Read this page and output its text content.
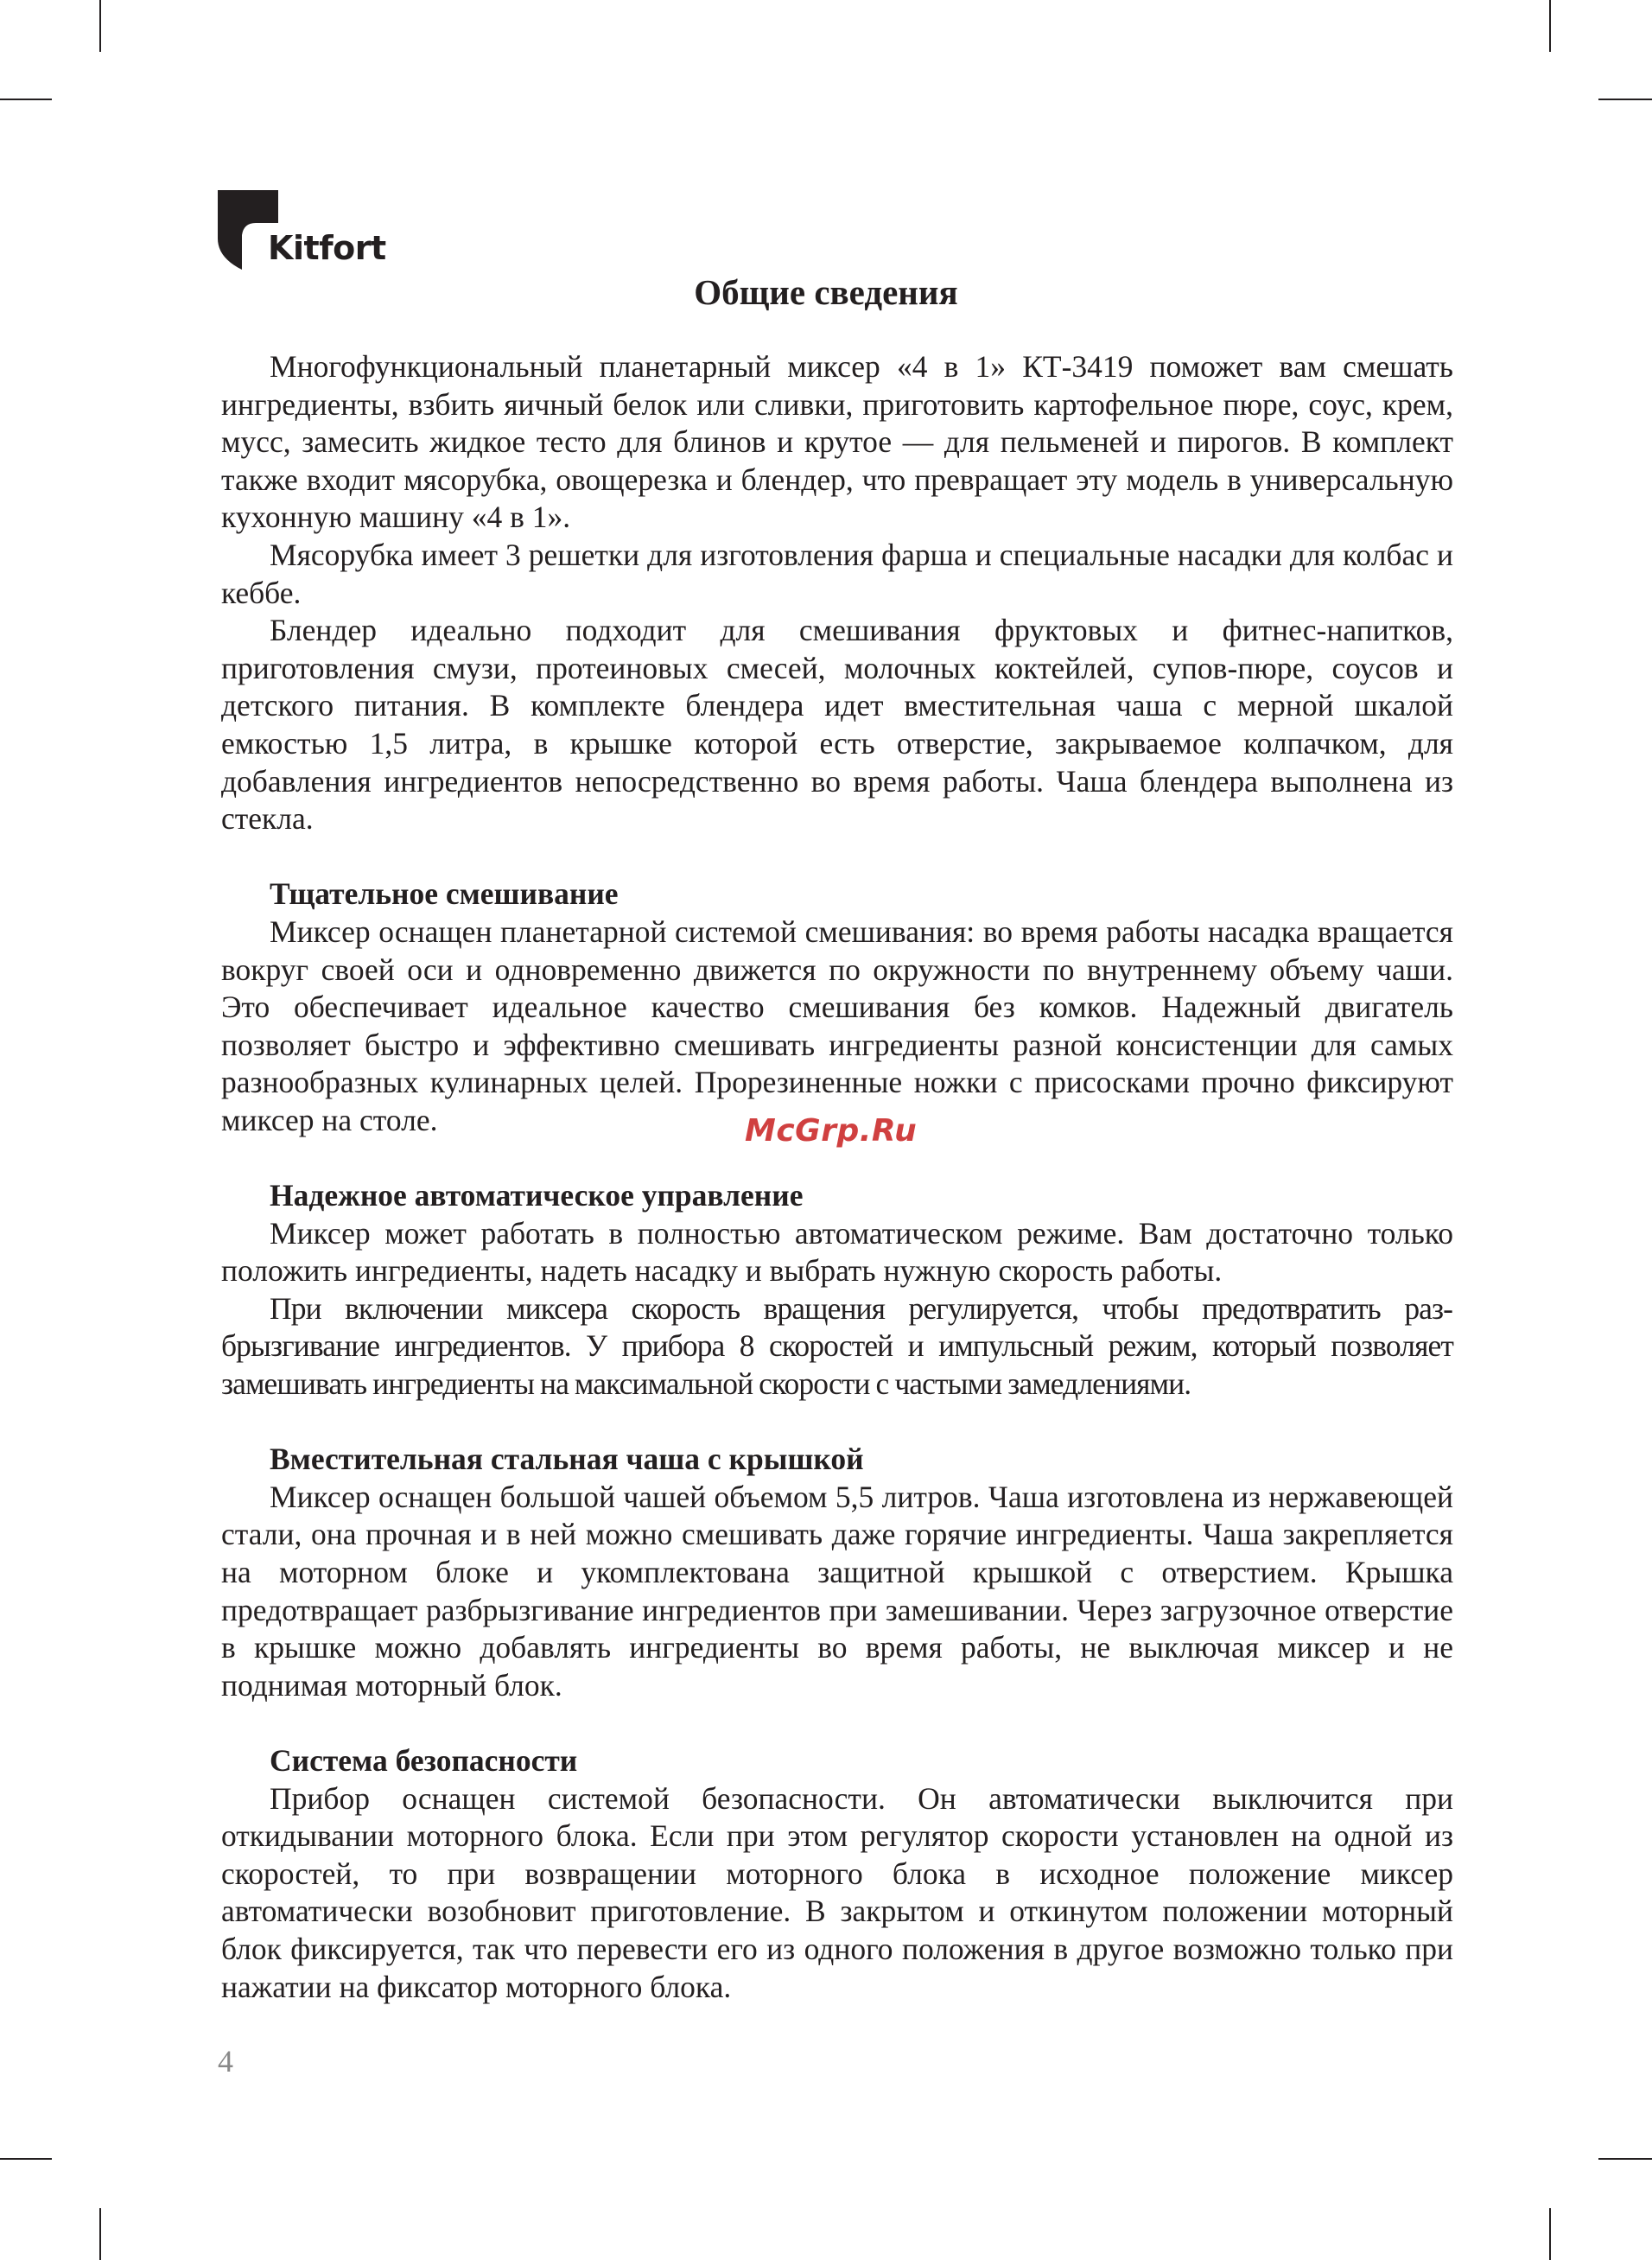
Kitfort
Общие сведения

Многофункциональный планетарный миксер «4 в 1» КТ-3419 поможет вам смешать ингредиенты, взбить яичный белок или сливки, приготовить картофельное пюре, соус, крем, мусс, замесить жидкое тесто для блинов и крутое — для пельменей и пирогов. В комплект также входит мясорубка, овощерезка и блендер, что превращает эту модель в универсальную кухонную машину «4 в 1».

Мясорубка имеет 3 решетки для изготовления фарша и специальные насадки для колбас и кеббе.

Блендер идеально подходит для смешивания фруктовых и фитнес-напитков, приготовления смузи, протеиновых смесей, молочных коктейлей, супов-пюре, соусов и детского питания. В комплекте блендера идет вместительная чаша с мерной шкалой емкостью 1,5 литра, в крышке которой есть отверстие, закрываемое колпачком, для добавления ингредиентов непосредственно во время работы. Чаша блендера выполнена из стекла.

Тщательное смешивание

Миксер оснащен планетарной системой смешивания: во время работы насадка вращается вокруг своей оси и одновременно движется по окружности по внутреннему объему чаши. Это обеспечивает идеальное качество смешивания без комков. Надежный двигатель позволяет быстро и эффективно смешивать ингредиенты разной консистенции для самых разнообразных кулинарных целей. Прорезиненные ножки с присосками прочно фиксируют миксер на столе.

Надежное автоматическое управление

Миксер может работать в полностью автоматическом режиме. Вам достаточно только положить ингредиенты, надеть насадку и выбрать нужную скорость работы.

При включении миксера скорость вращения регулируется, чтобы предотвратить разбрызгивание ингредиентов. У прибора 8 скоростей и импульсный режим, который позволяет замешивать ингредиенты на максимальной скорости с частыми замедлениями.

Вместительная стальная чаша с крышкой

Миксер оснащен большой чашей объемом 5,5 литров. Чаша изготовлена из нержавеющей стали, она прочная и в ней можно смешивать даже горячие ингредиенты. Чаша закрепляется на моторном блоке и укомплектована защитной крышкой с отверстием. Крышка предотвращает разбрызгивание ингредиентов при замешивании. Через загрузочное отверстие в крышке можно добавлять ингредиенты во время работы, не выключая миксер и не поднимая моторный блок.

Система безопасности

Прибор оснащен системой безопасности. Он автоматически выключится при откидывании моторного блока. Если при этом регулятор скорости установлен на одной из скоростей, то при возвращении моторного блока в исходное положение миксер автоматически возобновит приготовление. В закрытом и откинутом положении моторный блок фиксируется, так что перевести его из одного положения в другое возможно только при нажатии на фиксатор моторного блока.

McGrp.Ru
4
